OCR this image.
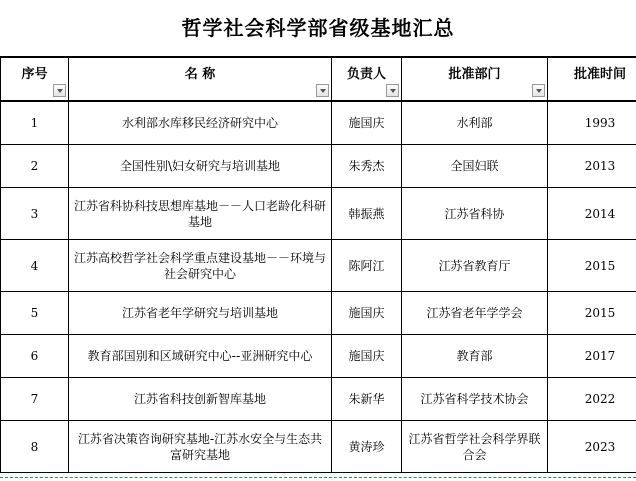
哲学社会科学部省级基地汇总
序号	名 称	负责人	批准部门	批准时间

1	水利部水库移民经济研究中心	施国庆	水利部	1993
2	全国性别\妇女研究与培训基地	朱秀杰	全国妇联	2013
3	江苏省科协科技思想库基地－－人口老龄化科研基地	韩振燕	江苏省科协	2014
4	江苏高校哲学社会科学重点建设基地－－环境与社会研究中心	陈阿江	江苏省教育厅	2015
5	江苏省老年学研究与培训基地	施国庆	江苏省老年学学会	2015
6	教育部国别和区域研究中心--亚洲研究中心	施国庆	教育部	2017
7	江苏省科技创新智库基地	朱新华	江苏省科学技术协会	2022
8	江苏省决策咨询研究基地-江苏水安全与生态共富研究基地	黄涛珍	江苏省哲学社会科学界联合会	2023
